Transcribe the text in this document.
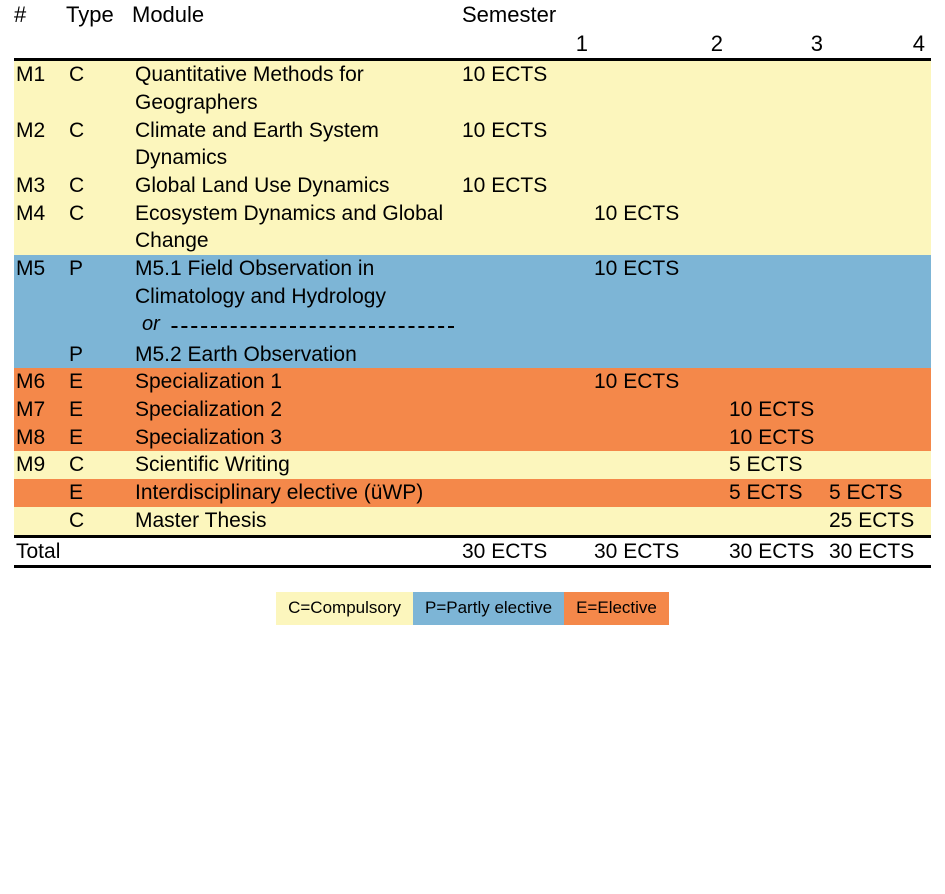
#	Type	Module	Semester			
			1	2	3	4
M1	C	Quantitative Methods for Geographers	10 ECTS			
M2	C	Climate and Earth System Dynamics	10 ECTS			
M3	C	Global Land Use Dynamics	10 ECTS			
M4	C	Ecosystem Dynamics and Global Change		10 ECTS		
M5	P	M5.1 Field Observation in Climatology and Hydrology		10 ECTS		

or				
	P	M5.2 Earth Observation				
M6	E	Specialization 1		10 ECTS		
M7	E	Specialization 2			10 ECTS	
M8	E	Specialization 3			10 ECTS	
M9	C	Scientific Writing			5 ECTS	
	E	Interdisciplinary elective (üWP)			5 ECTS	5 ECTS
	C	Master Thesis				25 ECTS
Total			30 ECTS	30 ECTS	30 ECTS	30 ECTS
C=Compulsory	P=Partly elective	E=Elective
